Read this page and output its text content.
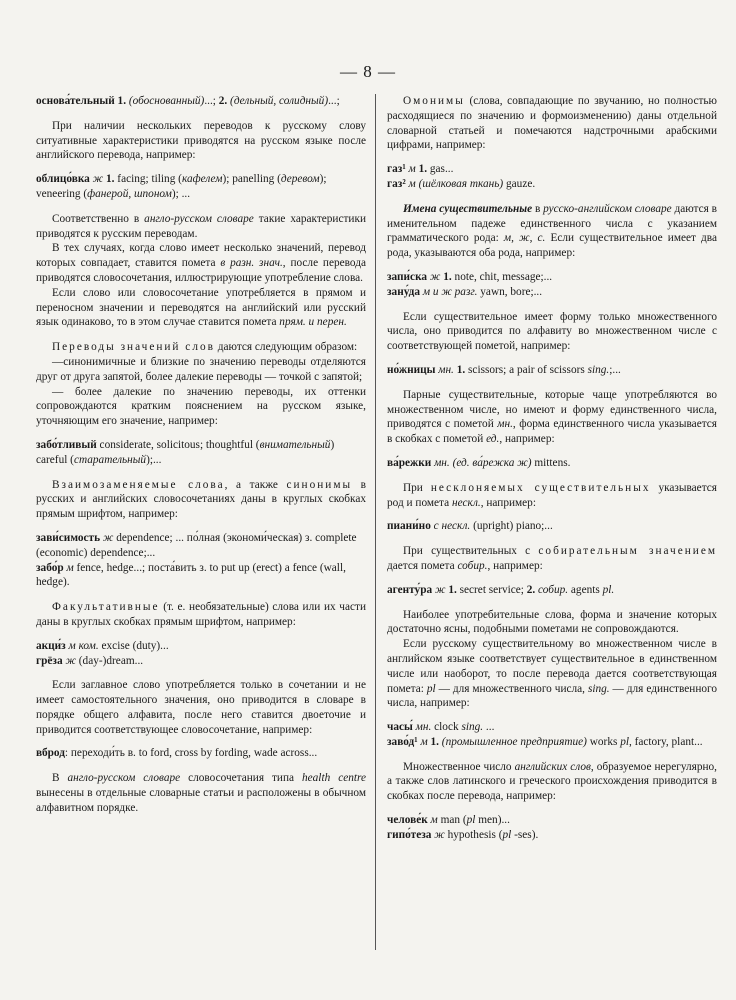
— 8 —

основа́тельный 1. (обоснованный)...; 2. (дельный, солидный)...;

При наличии нескольких переводов к русскому слову ситуативные характеристики приводятся на русском языке после английского перевода, например:

облицо́вка ж 1. facing; tiling (кафелем); panelling (деревом); veneering (фанерой, шпоном); ...

Соответственно в англо-русском словаре такие характеристики приводятся к русским переводам.

В тех случаях, когда слово имеет несколько значений, перевод которых совпадает, ставится помета в разн. знач., после перевода приводятся словосочетания, иллюстрирующие употребление слова.

Если слово или словосочетание употребляется в прямом и переносном значении и переводятся на английский или русский язык одинаково, то в этом случае ставится помета прям. и перен.

Переводы значений слов даются следующим образом:

—синонимичные и близкие по значению переводы отделяются друг от друга запятой, более далекие переводы — точкой с запятой;

— более далекие по значению переводы, их оттенки сопровождаются кратким пояснением на русском языке, уточняющим его значение, например:

забо́тливый considerate, solicitous; thoughtful (внимательный) careful (старательный);...

Взаимозаменяемые слова, а также синонимы в русских и английских словосочетаниях даны в круглых скобках прямым шрифтом, например:

зави́симость ж dependence; ... по́лная (экономи́ческая) з. complete (economic) dependence;...

забо́р м fence, hedge...; поста́вить з. to put up (erect) a fence (wall, hedge).

Факультативные (т. е. необязательные) слова или их части даны в круглых скобках прямым шрифтом, например:

акци́з м ком. excise (duty)...

грёза ж (day-)dream...

Если заглавное слово употребляется только в сочетании и не имеет самостоятельного значения, оно приводится в словаре в порядке общего алфавита, после него ставится двоеточие и приводится соответствующее словосочетание, например:

вброд: переходи́ть в. to ford, cross by fording, wade across...

В англо-русском словаре словосочетания типа health centre вынесены в отдельные словарные статьи и расположены в обычном алфавитном порядке.

Омонимы (слова, совпадающие по звучанию, но полностью расходящиеся по значению и формоизменению) даны отдельной словарной статьей и помечаются надстрочными арабскими цифрами, например:

газ¹ м 1. gas...

газ² м (шёлковая ткань) gauze.

Имена существительные в русско-английском словаре даются в именительном падеже единственного числа с указанием грамматического рода: м, ж, с. Если существительное имеет два рода, указываются оба рода, например:

запи́ска ж 1. note, chit, message;...

зану́да м и ж разг. yawn, bore;...

Если существительное имеет форму только множественного числа, оно приводится по алфавиту во множественном числе с соответствующей пометой, например:

но́жницы мн. 1. scissors; a pair of scissors sing.;...

Парные существительные, которые чаще употребляются во множественном числе, но имеют и форму единственного числа, приводятся с пометой мн., форма единственного числа указывается в скобках с пометой ед., например:

ва́режки мн. (ед. ва́режка ж) mittens.

При несклоняемых существительных указывается род и помета нескл., например:

пиани́но с нескл. (upright) piano;...

При существительных с собирательным значением дается помета собир., например:

агенту́ра ж 1. secret service; 2. собир. agents pl.

Наиболее употребительные слова, форма и значение которых достаточно ясны, подобными пометами не сопровождаются.

Если русскому существительному во множественном числе в английском языке соответствует существительное в единственном числе или наоборот, то после перевода дается соответствующая помета: pl — для множественного числа, sing. — для единственного числа, например:

часы́ мн. clock sing. ...

заво́д¹ м 1. (промышленное предприятие) works pl, factory, plant...

Множественное число английских слов, образуемое нерегулярно, а также слов латинского и греческого происхождения приводится в скобках после перевода, например:

челове́к м man (pl men)...

гипо́теза ж hypothesis (pl -ses).
